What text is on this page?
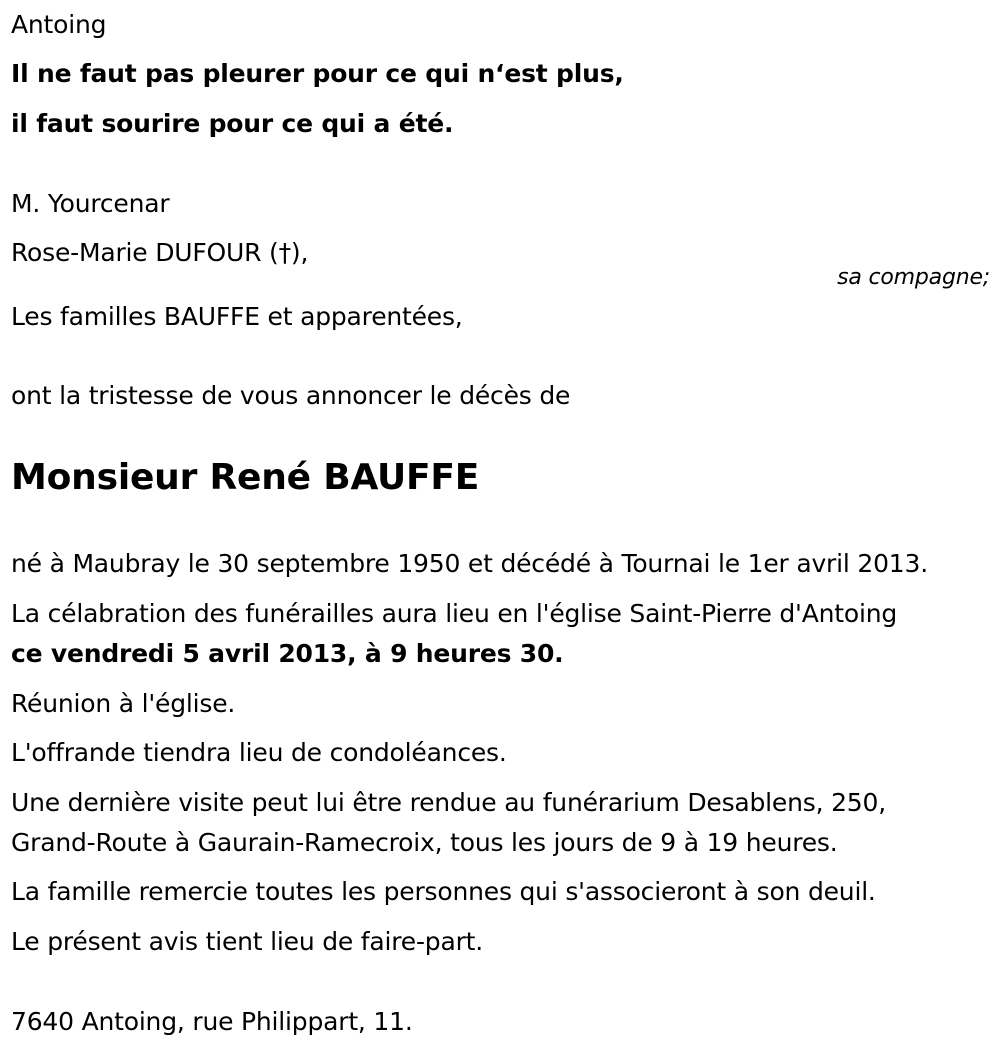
Antoing
Il ne faut pas pleurer pour ce qui n‘est plus,
il faut sourire pour ce qui a été.
M. Yourcenar
Rose-Marie DUFOUR (†),
sa compagne;
Les familles BAUFFE et apparentées,
ont la tristesse de vous annoncer le décès de
Monsieur René BAUFFE
né à Maubray le 30 septembre 1950 et décédé à Tournai le 1er avril 2013.
La célabration des funérailles aura lieu en l'église Saint-Pierre d'Antoing
ce vendredi 5 avril 2013, à 9 heures 30.
Réunion à l'église.
L'offrande tiendra lieu de condoléances.
Une dernière visite peut lui être rendue au funérarium Desablens, 250,
Grand-Route à Gaurain-Ramecroix, tous les jours de 9 à 19 heures.
La famille remercie toutes les personnes qui s'associeront à son deuil.
Le présent avis tient lieu de faire-part.
7640 Antoing, rue Philippart, 11.
